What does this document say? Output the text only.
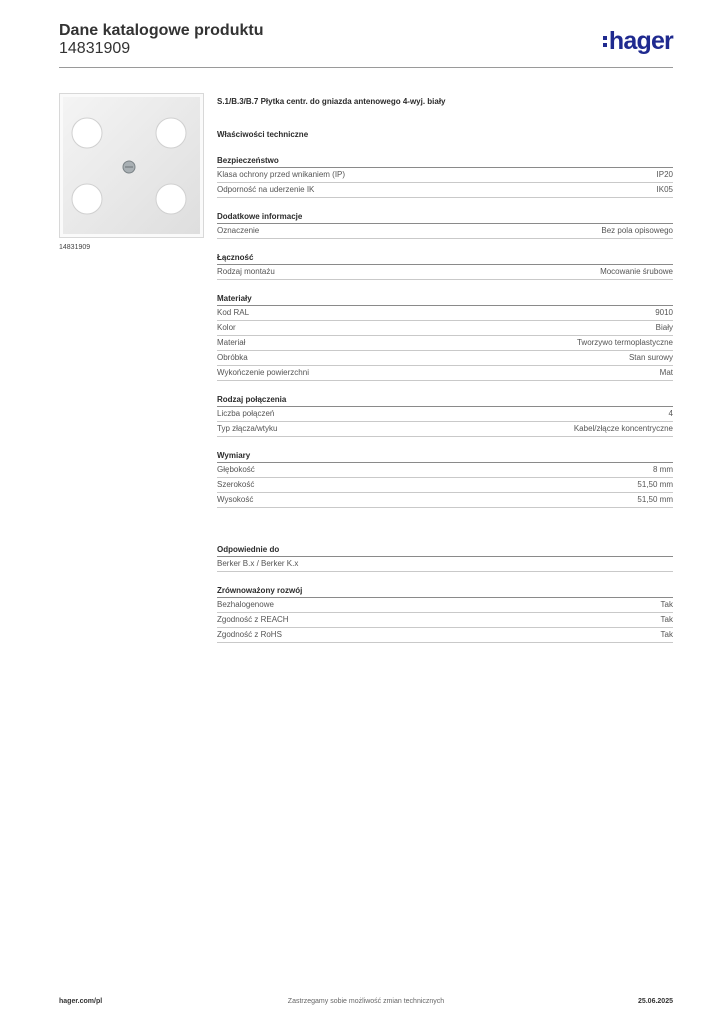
Dane katalogowe produktu
14831909	hager
14831909
S.1/B.3/B.7 Płytka centr. do gniazda antenowego 4-wyj. biały
Właściwości techniczne
Bezpieczeństwo
Klasa ochrony przed wnikaniem (IP)	IP20
Odporność na uderzenie IK	IK05
Dodatkowe informacje
Oznaczenie	Bez pola opisowego
Łączność
Rodzaj montażu	Mocowanie śrubowe
Materiały
Kod RAL	9010
Kolor	Biały
Materiał	Tworzywo termoplastyczne
Obróbka	Stan surowy
Wykończenie powierzchni	Mat
Rodzaj połączenia
Liczba połączeń	4
Typ złącza/wtyku	Kabel/złącze koncentryczne
Wymiary
Głębokość	8 mm
Szerokość	51,50 mm
Wysokość	51,50 mm
Odpowiednie do
Berker B.x / Berker K.x
Zrównoważony rozwój
Bezhalogenowe	Tak
Zgodność z REACH	Tak
Zgodność z RoHS	Tak
hager.com/pl	Zastrzegamy sobie możliwość zmian technicznych	25.06.2025
